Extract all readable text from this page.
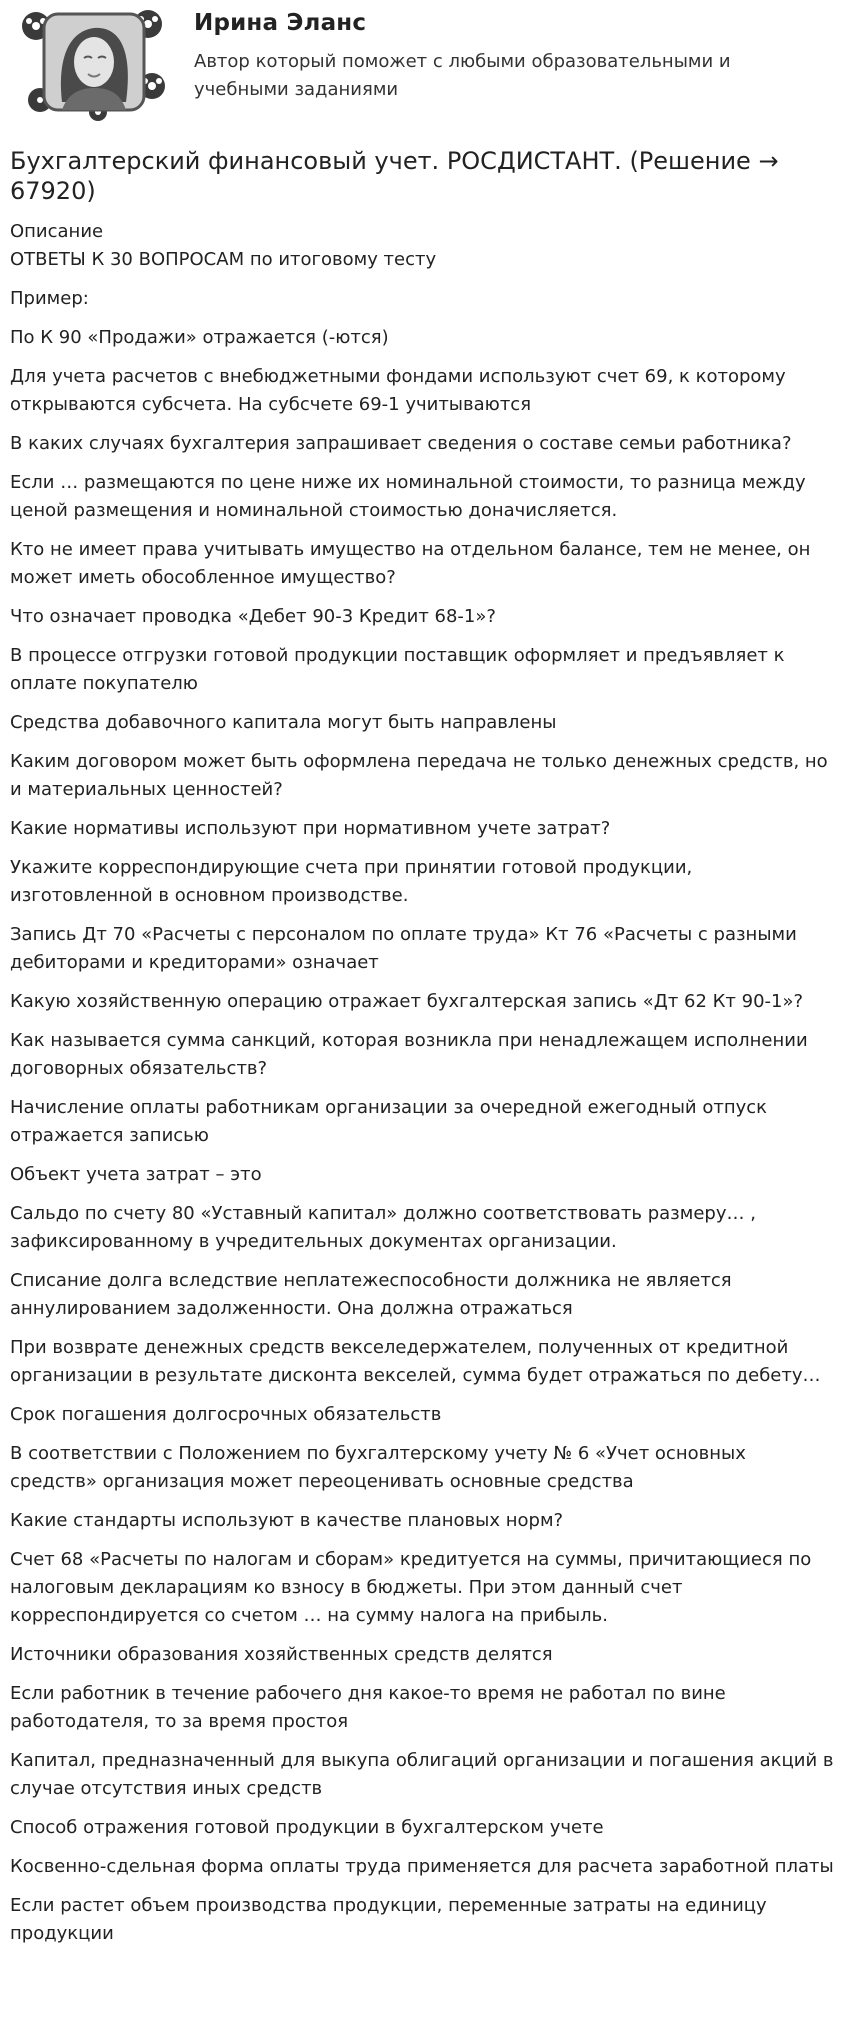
Ирина Эланс
Автор который поможет с любыми образовательными и учебными заданиями
Бухгалтерский финансовый учет. РОСДИСТАНТ. (Решение → 67920)
Описание
ОТВЕТЫ К 30 ВОПРОСАМ по итоговому тесту
Пример:
По К 90 «Продажи» отражается (-ются)
Для учета расчетов с внебюджетными фондами используют счет 69, к которому открываются субсчета. На субсчете 69-1 учитываются
В каких случаях бухгалтерия запрашивает сведения о составе семьи работника?
Если … размещаются по цене ниже их номинальной стоимости, то разница между ценой размещения и номинальной стоимостью доначисляется.
Кто не имеет права учитывать имущество на отдельном балансе, тем не менее, он может иметь обособленное имущество?
Что означает проводка «Дебет 90-3 Кредит 68-1»?
В процессе отгрузки готовой продукции поставщик оформляет и предъявляет к оплате покупателю
Средства добавочного капитала могут быть направлены
Каким договором может быть оформлена передача не только денежных средств, но и материальных ценностей?
Какие нормативы используют при нормативном учете затрат?
Укажите корреспондирующие счета при принятии готовой продукции, изготовленной в основном производстве.
Запись Дт 70 «Расчеты с персоналом по оплате труда» Кт 76 «Расчеты с разными дебиторами и кредиторами» означает
Какую хозяйственную операцию отражает бухгалтерская запись «Дт 62 Кт 90-1»?
Как называется сумма санкций, которая возникла при ненадлежащем исполнении договорных обязательств?
Начисление оплаты работникам организации за очередной ежегодный отпуск отражается записью
Объект учета затрат – это
Сальдо по счету 80 «Уставный капитал» должно соответствовать размеру… , зафиксированному в учредительных документах организации.
Списание долга вследствие неплатежеспособности должника не является аннулированием задолженности. Она должна отражаться
При возврате денежных средств векселедержателем, полученных от кредитной организации в результате дисконта векселей, сумма будет отражаться по дебету…
Срок погашения долгосрочных обязательств
В соответствии с Положением по бухгалтерскому учету № 6 «Учет основных средств» организация может переоценивать основные средства
Какие стандарты используют в качестве плановых норм?
Счет 68 «Расчеты по налогам и сборам» кредитуется на суммы, причитающиеся по налоговым декларациям ко взносу в бюджеты. При этом данный счет корреспондируется со счетом … на сумму налога на прибыль.
Источники образования хозяйственных средств делятся
Если работник в течение рабочего дня какое-то время не работал по вине работодателя, то за время простоя
Капитал, предназначенный для выкупа облигаций организации и погашения акций в случае отсутствия иных средств
Способ отражения готовой продукции в бухгалтерском учете
Косвенно-сдельная форма оплаты труда применяется для расчета заработной платы
Если растет объем производства продукции, переменные затраты на единицу продукции
